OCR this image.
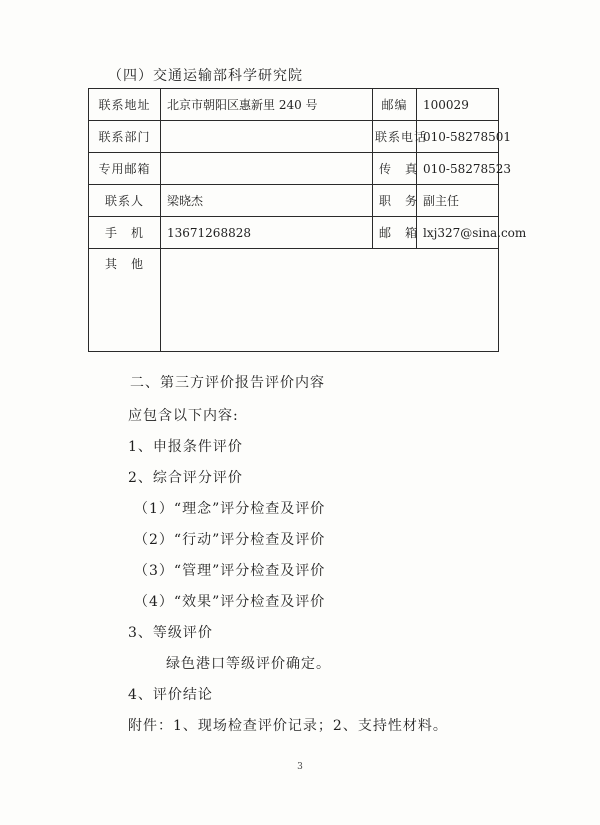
（四）交通运输部科学研究院
联系地址	北京市朝阳区惠新里 240 号	邮编	100029
联系部门		联系电话	010-58278501
专用邮箱		传　真	010-58278523
联系人	梁晓杰	职　务	副主任
手　机	13671268828	邮　箱	lxj327@sina.com
其　他			
二、第三方评价报告评价内容
应包含以下内容:
1、申报条件评价
2、综合评分评价
（1）“理念”评分检查及评价
（2）“行动”评分检查及评价
（3）“管理”评分检查及评价
（4）“效果”评分检查及评价
3、等级评价
绿色港口等级评价确定。
4、评价结论
附件：1、现场检查评价记录；2、支持性材料。
3
